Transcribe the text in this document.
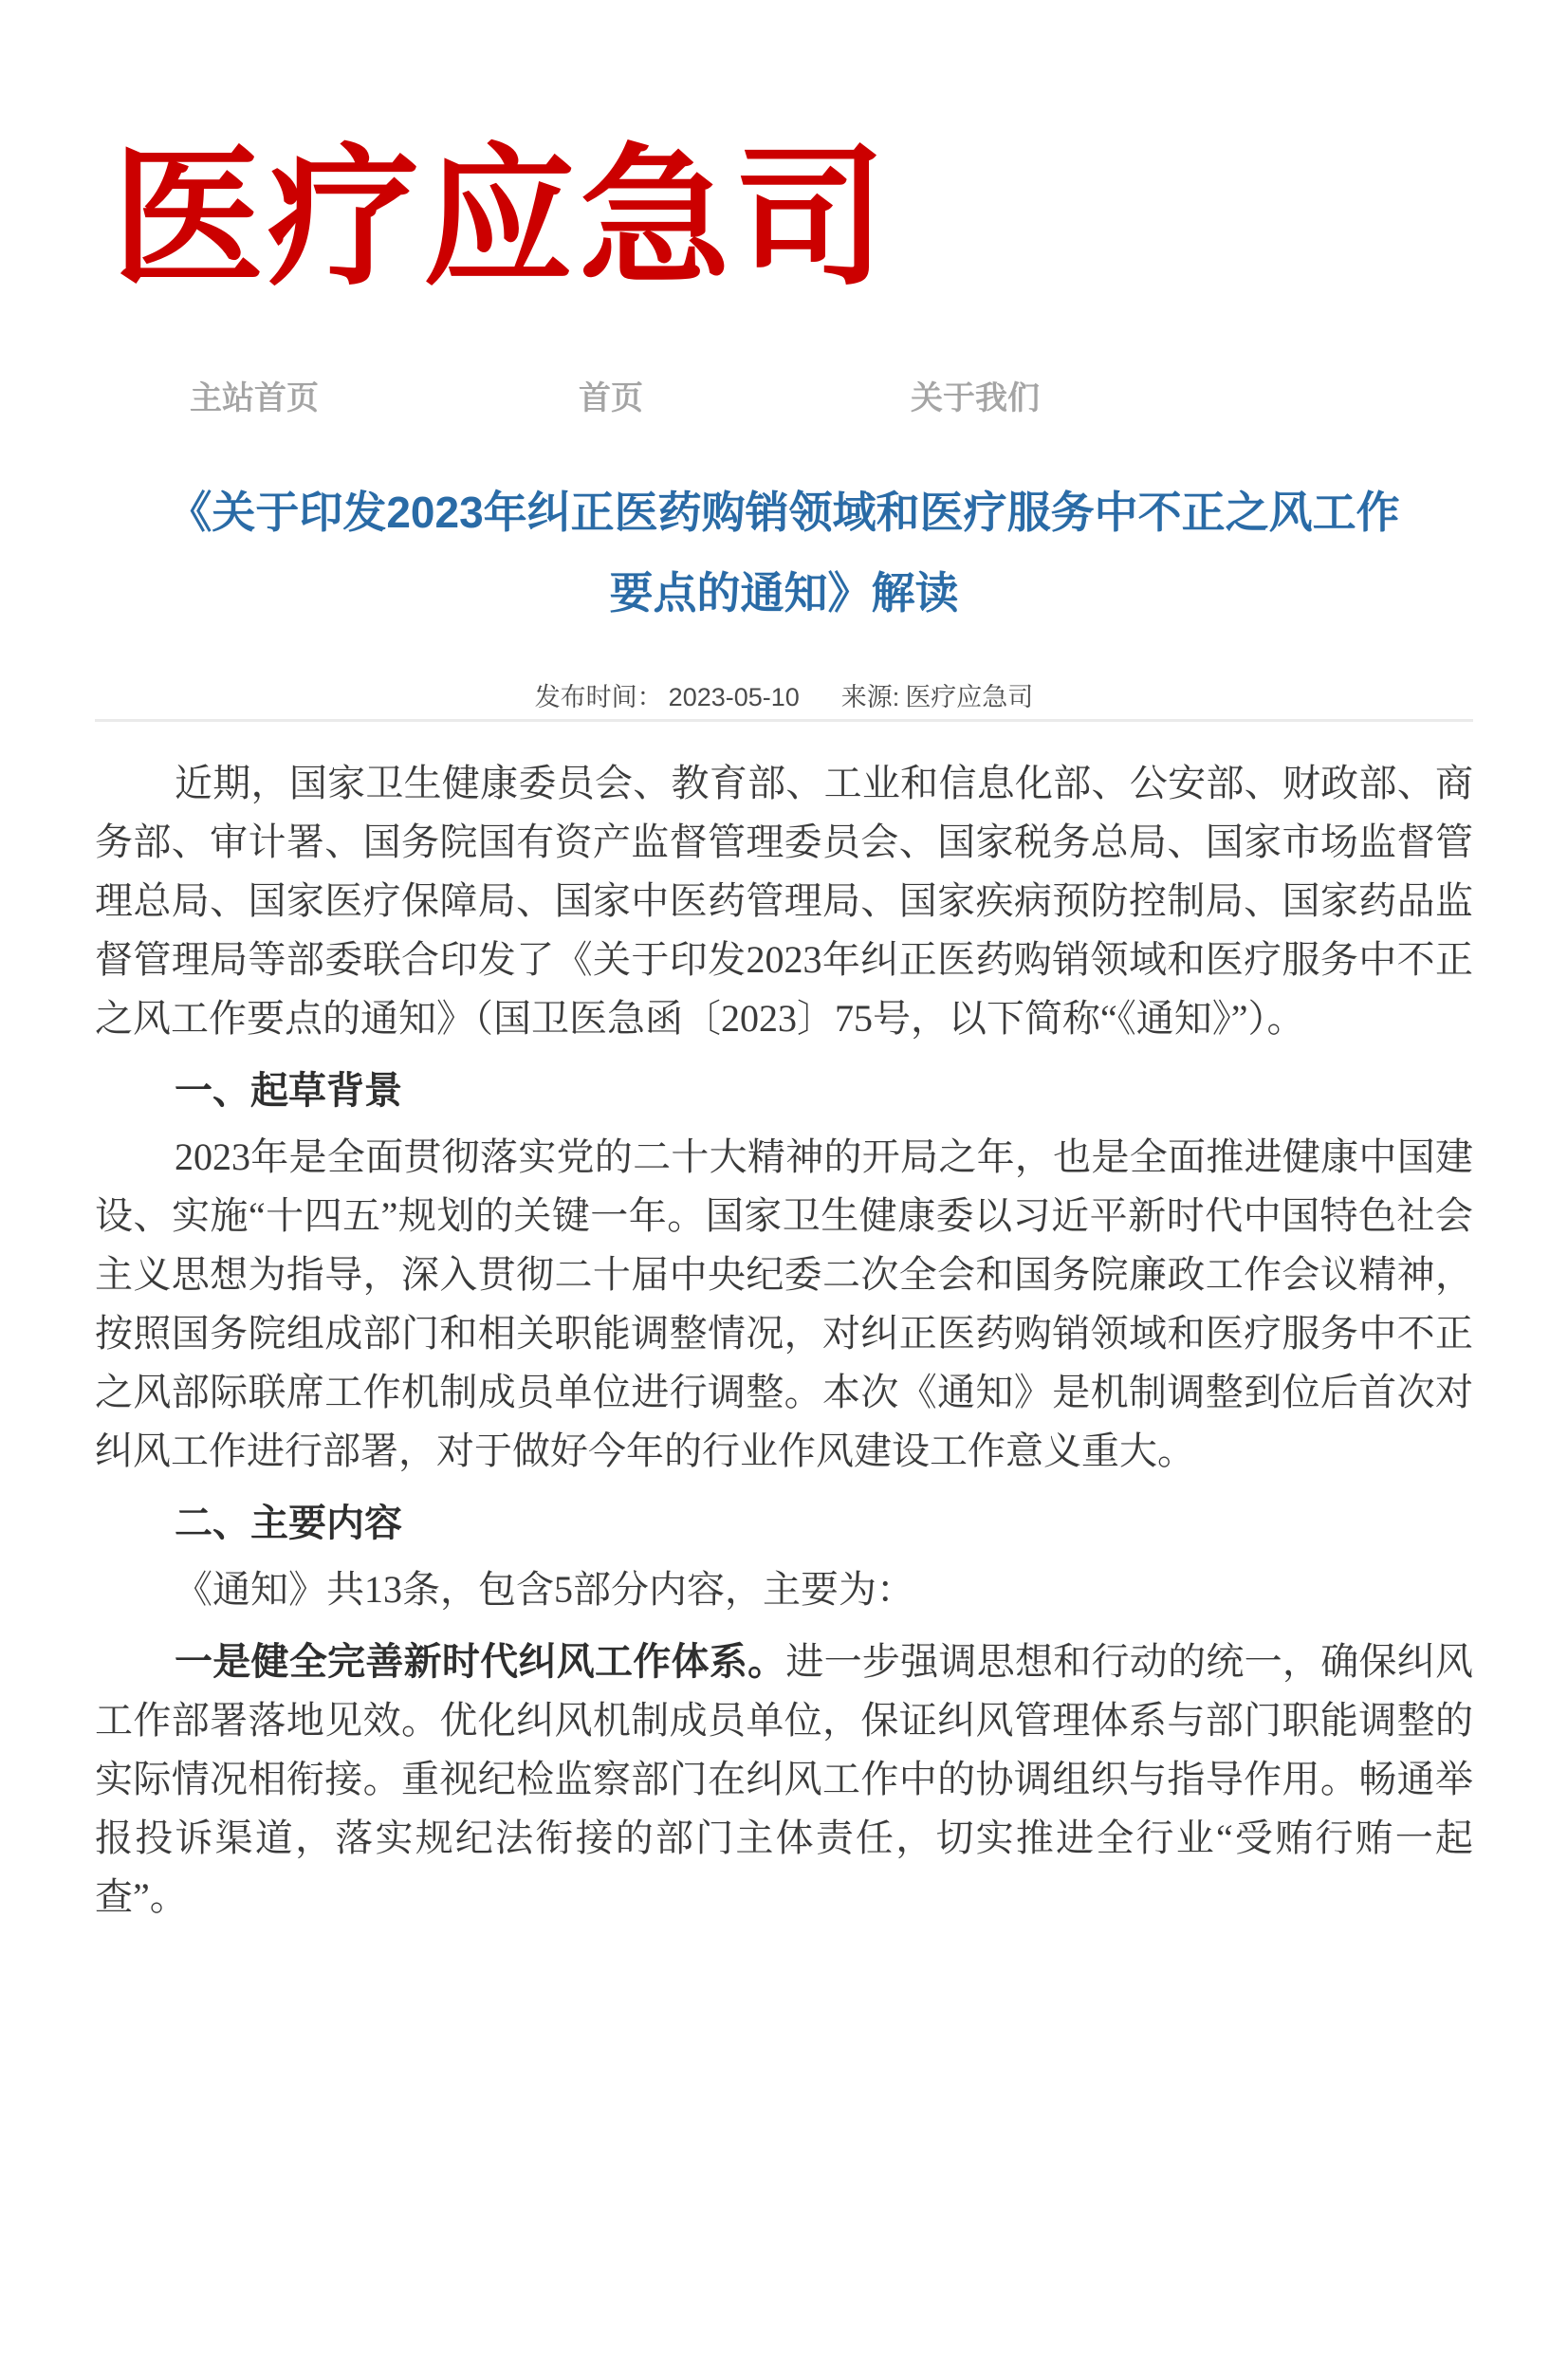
医疗应急司
主站首页	首页	关于我们
《关于印发2023年纠正医药购销领域和医疗服务中不正之风工作
要点的通知》解读
发布时间： 2023-05-10 来源: 医疗应急司

近期，国家卫生健康委员会、教育部、工业和信息化部、公安部、财政部、商务部、审计署、国务院国有资产监督管理委员会、国家税务总局、国家市场监督管理总局、国家医疗保障局、国家中医药管理局、国家疾病预防控制局、国家药品监督管理局等部委联合印发了《关于印发2023年纠正医药购销领域和医疗服务中不正之风工作要点的通知》（国卫医急函〔2023〕75号，以下简称“《通知》”）。

一、起草背景

2023年是全面贯彻落实党的二十大精神的开局之年，也是全面推进健康中国建设、实施“十四五”规划的关键一年。国家卫生健康委以习近平新时代中国特色社会主义思想为指导，深入贯彻二十届中央纪委二次全会和国务院廉政工作会议精神，按照国务院组成部门和相关职能调整情况，对纠正医药购销领域和医疗服务中不正之风部际联席工作机制成员单位进行调整。本次《通知》是机制调整到位后首次对纠风工作进行部署，对于做好今年的行业作风建设工作意义重大。

二、主要内容

《通知》共13条，包含5部分内容，主要为：

一是健全完善新时代纠风工作体系。进一步强调思想和行动的统一，确保纠风工作部署落地见效。优化纠风机制成员单位，保证纠风管理体系与部门职能调整的实际情况相衔接。重视纪检监察部门在纠风工作中的协调组织与指导作用。畅通举报投诉渠道，落实规纪法衔接的部门主体责任，切实推进全行业“受贿行贿一起查”。
